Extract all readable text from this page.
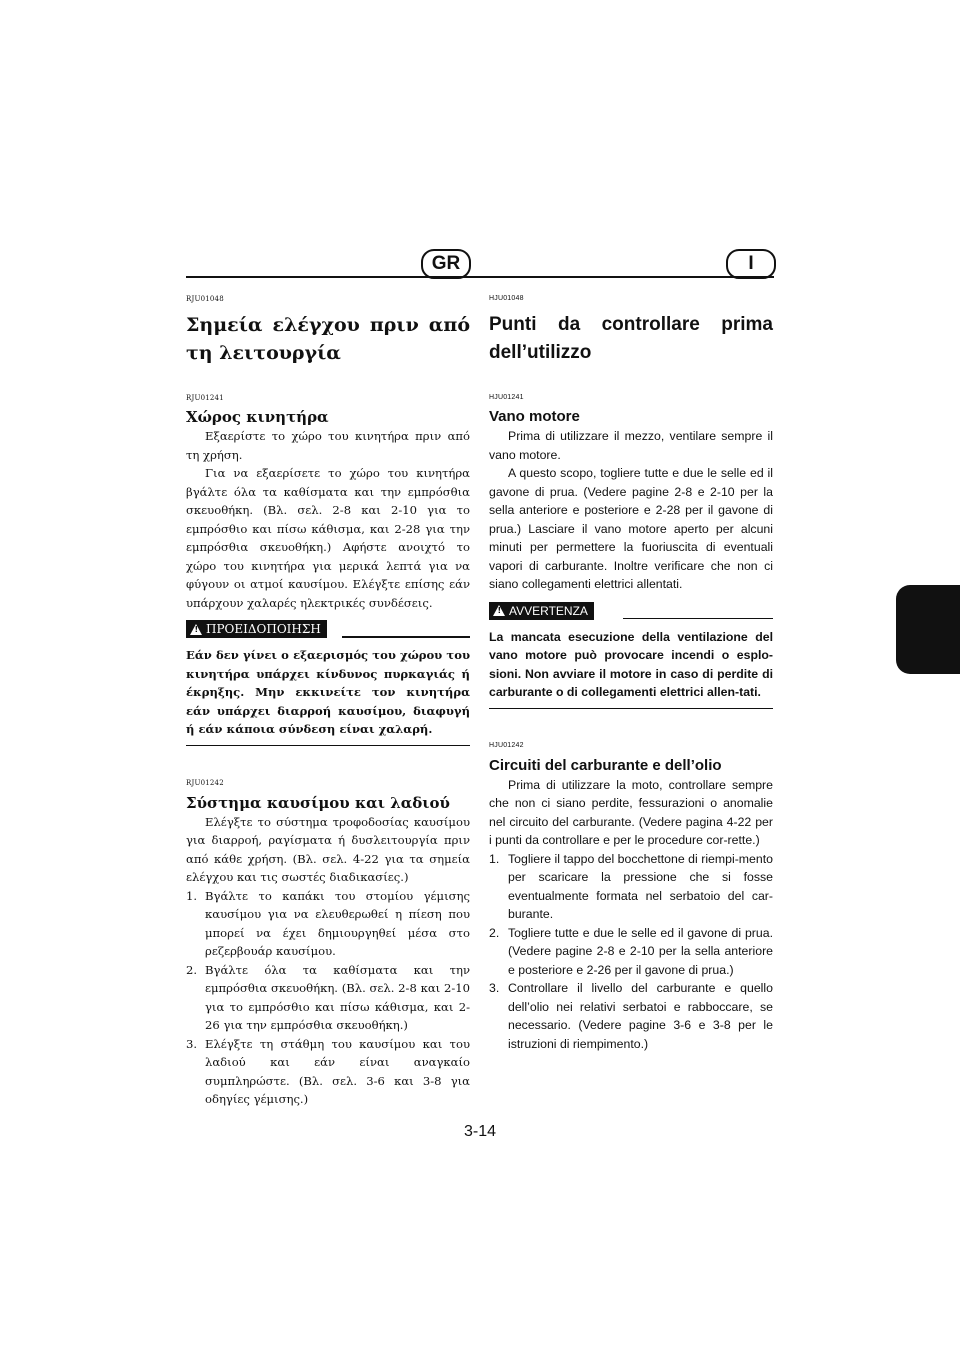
GR	I
RJU01048
Σημεία ελέγχου πριν από τη λειτουργία
RJU01241
Χώρος κινητήρα

Εξαερίστε το χώρο του κινητήρα πριν από τη χρήση.

Για να εξαερίσετε το χώρο του κινητήρα βγάλτε όλα τα καθίσματα και την εμπρόσθια σκευοθήκη. (Βλ. σελ. 2-8 και 2-10 για το εμπρόσθιο και πίσω κάθισμα, και 2-28 για την εμπρόσθια σκευοθήκη.) Αφήστε ανοιχτό το χώρο του κινητήρα για μερικά λεπτά για να φύγουν οι ατμοί καυσίμου. Ελέγξτε επίσης εάν υπάρχουν χαλαρές ηλεκτρικές συνδέσεις.

! ΠΡΟΕΙΔΟΠΟΙΗΣΗ

Εάν δεν γίνει ο εξαερισμός του χώρου του κινητήρα υπάρχει κίνδυνος πυρκαγιάς ή έκρηξης. Μην εκκινείτε τον κινητήρα εάν υπάρχει διαρροή καυσίμου, διαφυγή ή εάν κάποια σύνδεση είναι χαλαρή.

RJU01242
Σύστημα καυσίμου και λαδιού

Ελέγξτε το σύστημα τροφοδοσίας καυσίμου για διαρροή, ραγίσματα ή δυσλειτουργία πριν από κάθε χρήση. (Βλ. σελ. 4-22 για τα σημεία ελέγχου και τις σωστές διαδικασίες.)

1. Βγάλτε το καπάκι του στομίου γέμισης καυσίμου για να ελευθερωθεί η πίεση που μπορεί να έχει δημιουργηθεί μέσα στο ρεζερβουάρ καυσίμου.
2. Βγάλτε όλα τα καθίσματα και την εμπρόσθια σκευοθήκη. (Βλ. σελ. 2-8 και 2-10 για το εμπρόσθιο και πίσω κάθισμα, και 2-26 για την εμπρόσθια σκευοθήκη.)
3. Ελέγξτε τη στάθμη του καυσίμου και του λαδιού και εάν είναι αναγκαίο συμπληρώστε. (Βλ. σελ. 3-6 και 3-8 για οδηγίες γέμισης.)
HJU01048
Punti da controllare prima dell’utilizzo
HJU01241
Vano motore

Prima di utilizzare il mezzo, ventilare sempre il vano motore.

A questo scopo, togliere tutte e due le selle ed il gavone di prua. (Vedere pagine 2-8 e 2-10 per la sella anteriore e posteriore e 2-28 per il gavone di prua.) Lasciare il vano motore aperto per alcuni minuti per permettere la fuoriuscita di eventuali vapori di carburante. Inoltre verificare che non ci siano collegamenti elettrici allentati.

! AVVERTENZA

La mancata esecuzione della ventilazione del vano motore può provocare incendi o esplo-sioni. Non avviare il motore in caso di perdite di carburante o di collegamenti elettrici allen-tati.

HJU01242
Circuiti del carburante e dell’olio

Prima di utilizzare la moto, controllare sempre che non ci siano perdite, fessurazioni o anomalie nel circuito del carburante. (Vedere pagina 4-22 per i punti da controllare e per le procedure cor-rette.)

1. Togliere il tappo del bocchettone di riempi-mento per scaricare la pressione che si fosse eventualmente formata nel serbatoio del car-burante.
2. Togliere tutte e due le selle ed il gavone di prua. (Vedere pagine 2-8 e 2-10 per la sella anteriore e posteriore e 2-26 per il gavone di prua.)
3. Controllare il livello del carburante e quello dell’olio nei relativi serbatoi e rabboccare, se necessario. (Vedere pagine 3-6 e 3-8 per le istruzioni di riempimento.)
3-14
